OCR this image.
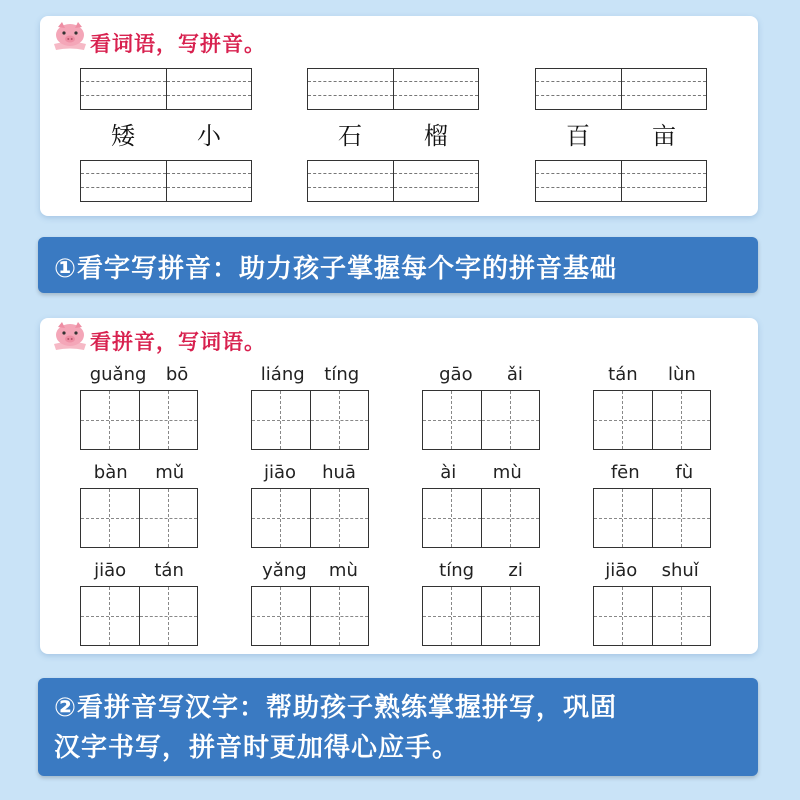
看词语，写拼音。
矮	小	石	榴	百	亩
①看字写拼音：助力孩子掌握每个字的拼音基础
看拼音，写词语。
guǎng bō	liáng tíng	gāo ǎi	tán lùn
bàn mǔ	jiāo huā	ài mù	fēn fù
jiāo tán	yǎng mù	tíng zi	jiāo shuǐ
②看拼音写汉字：帮助孩子熟练掌握拼写，巩固
汉字书写，拼音时更加得心应手。
